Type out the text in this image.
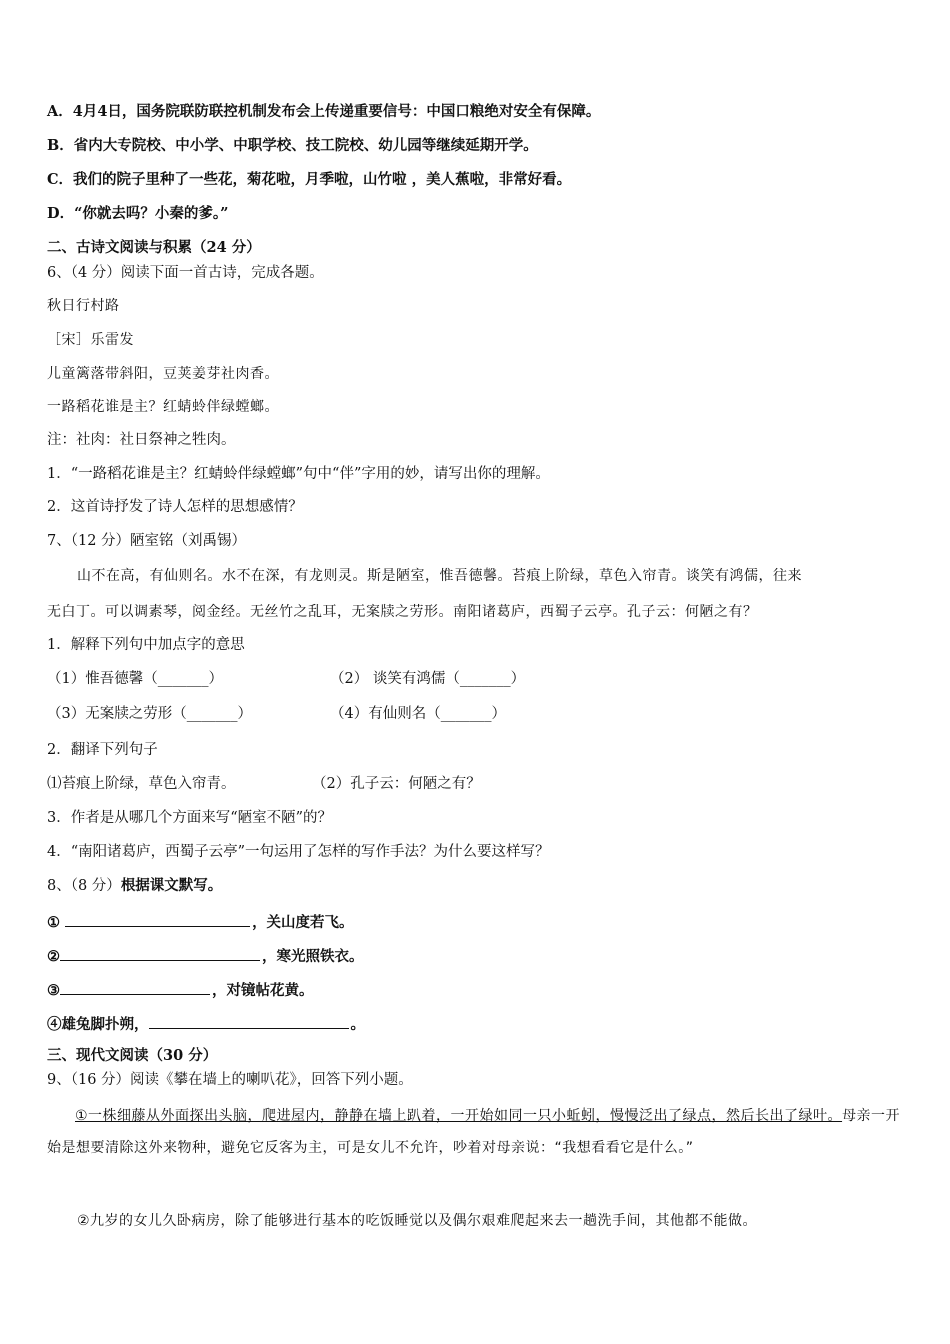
A．4月4日，国务院联防联控机制发布会上传递重要信号：中国口粮绝对安全有保障。

B．省内大专院校、中小学、中职学校、技工院校、幼儿园等继续延期开学。

C．我们的院子里种了一些花，菊花啦，月季啦，山竹啦 ，美人蕉啦，非常好看。

D．“你就去吗？小秦的爹。”

二、古诗文阅读与积累（24 分）

6、（4 分）阅读下面一首古诗，完成各题。

秋日行村路

［宋］乐雷发

儿童篱落带斜阳，豆荚姜芽社肉香。

一路稻花谁是主？红蜻蛉伴绿螳螂。

注：社肉：社日祭神之牲肉。

1．“一路稻花谁是主？红蜻蛉伴绿螳螂”句中“伴”字用的妙，请写出你的理解。

2．这首诗抒发了诗人怎样的思想感情？

7、（12 分）陋室铭（刘禹锡）

山不在高，有仙则名。水不在深，有龙则灵。斯是陋室，惟吾德馨。苔痕上阶绿，草色入帘青。谈笑有鸿儒，往来

无白丁。可以调素琴，阅金经。无丝竹之乱耳，无案牍之劳形。南阳诸葛庐，西蜀子云亭。孔子云：何陋之有？

1．解释下列句中加点字的意思

（1）惟吾德馨（_______）	（2） 谈笑有鸿儒（_______）

（3）无案牍之劳形（_______）	（4）有仙则名（_______）

2．翻译下列句子

⑴苔痕上阶绿，草色入帘青。	（2）孔子云：何陋之有？

3．作者是从哪几个方面来写“陋室不陋”的？

4．“南阳诸葛庐，西蜀子云亭”一句运用了怎样的写作手法？为什么要这样写？

8、（8 分）根据课文默写。

①	，关山度若飞。

②	，寒光照铁衣。

③	，对镜帖花黄。

④雄兔脚扑朔，	。

三、现代文阅读（30 分）

9、（16 分）阅读《攀在墙上的喇叭花》，回答下列小题。

①一株细藤从外面探出头脑，爬进屋内，静静在墙上趴着，一开始如同一只小蚯蚓，慢慢泛出了绿点，然后长出了绿叶。母亲一开始是想要清除这外来物种，避免它反客为主，可是女儿不允许，吵着对母亲说：“我想看看它是什么。”

②九岁的女儿久卧病房，除了能够进行基本的吃饭睡觉以及偶尔艰难爬起来去一趟洗手间，其他都不能做。
